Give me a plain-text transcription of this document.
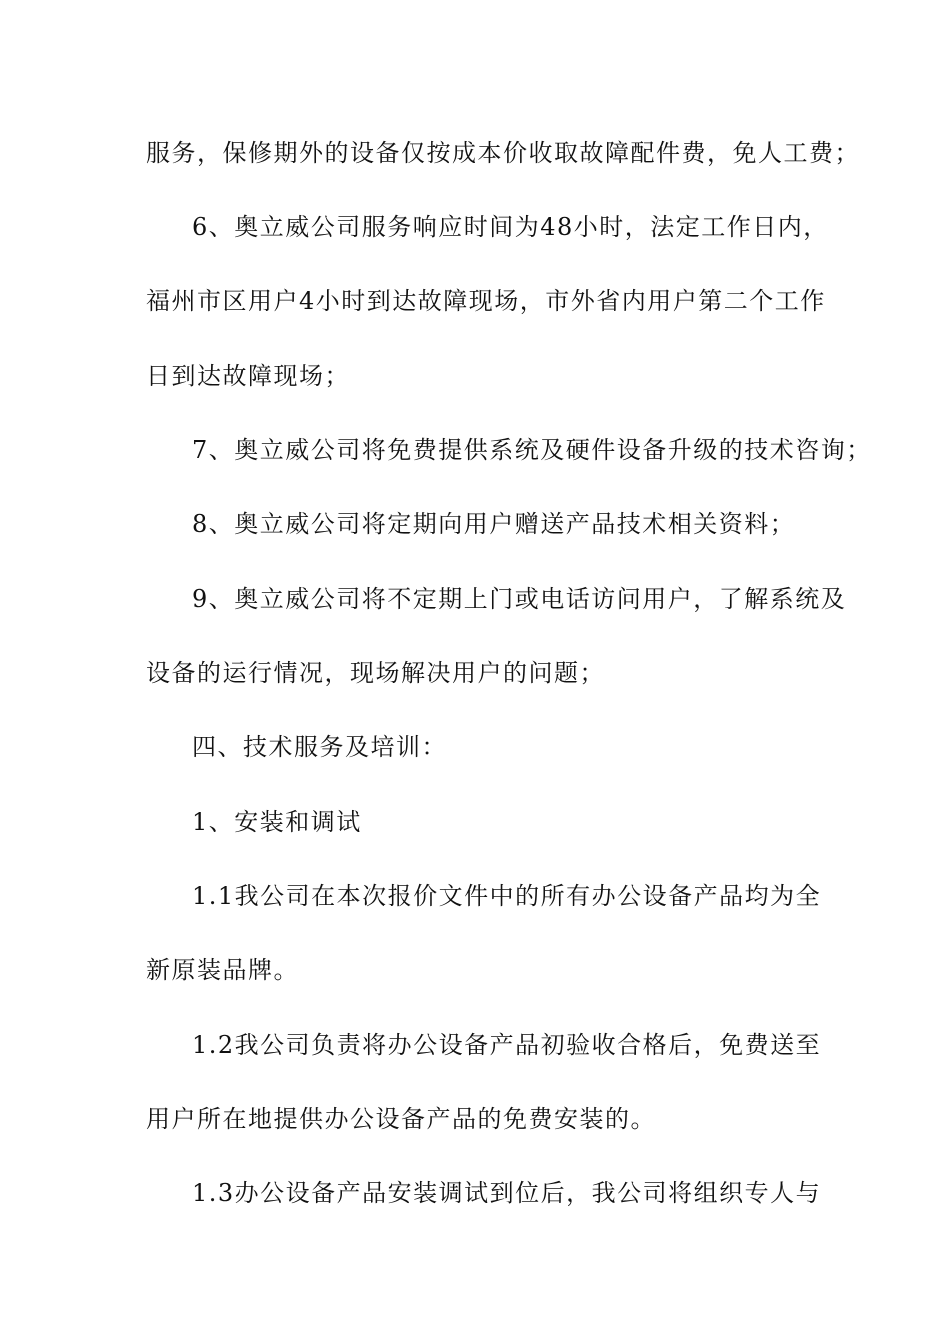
服务，保修期外的设备仅按成本价收取故障配件费，免人工费；
6、奥立威公司服务响应时间为48小时，法定工作日内，
福州市区用户4小时到达故障现场，市外省内用户第二个工作
日到达故障现场；
7、奥立威公司将免费提供系统及硬件设备升级的技术咨询；
8、奥立威公司将定期向用户赠送产品技术相关资料；
9、奥立威公司将不定期上门或电话访问用户，了解系统及
设备的运行情况，现场解决用户的问题；
四、技术服务及培训：
1、安装和调试
1.1我公司在本次报价文件中的所有办公设备产品均为全
新原装品牌。
1.2我公司负责将办公设备产品初验收合格后，免费送至
用户所在地提供办公设备产品的免费安装的。
1.3办公设备产品安装调试到位后，我公司将组织专人与
